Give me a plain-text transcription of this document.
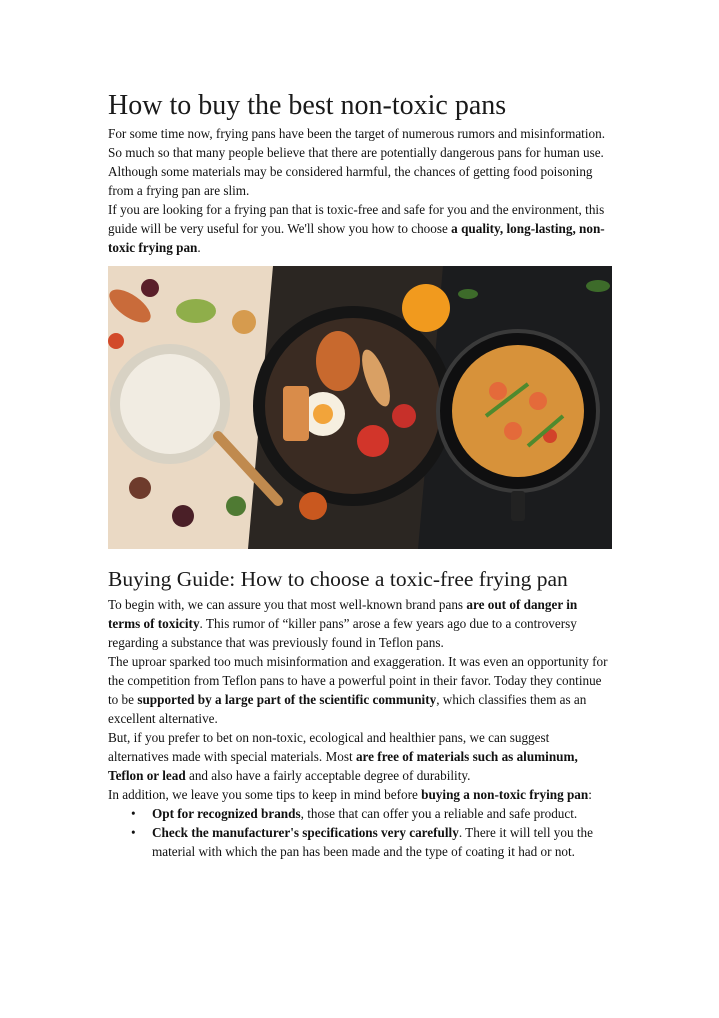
How to buy the best non-toxic pans

For some time now, frying pans have been the target of numerous rumors and misinformation. So much so that many people believe that there are potentially dangerous pans for human use. Although some materials may be considered harmful, the chances of getting food poisoning from a frying pan are slim.

If you are looking for a frying pan that is toxic-free and safe for you and the environment, this guide will be very useful for you. We'll show you how to choose a quality, long-lasting, non-toxic frying pan.

Buying Guide: How to choose a toxic-free frying pan

To begin with, we can assure you that most well-known brand pans are out of danger in terms of toxicity. This rumor of “killer pans” arose a few years ago due to a controversy regarding a substance that was previously found in Teflon pans.

The uproar sparked too much misinformation and exaggeration. It was even an opportunity for the competition from Teflon pans to have a powerful point in their favor. Today they continue to be supported by a large part of the scientific community, which classifies them as an excellent alternative.

But, if you prefer to bet on non-toxic, ecological and healthier pans, we can suggest alternatives made with special materials. Most are free of materials such as aluminum, Teflon or lead and also have a fairly acceptable degree of durability.

In addition, we leave you some tips to keep in mind before buying a non-toxic frying pan:

• Opt for recognized brands, those that can offer you a reliable and safe product.
• Check the manufacturer's specifications very carefully. There it will tell you the material with which the pan has been made and the type of coating it had or not.
